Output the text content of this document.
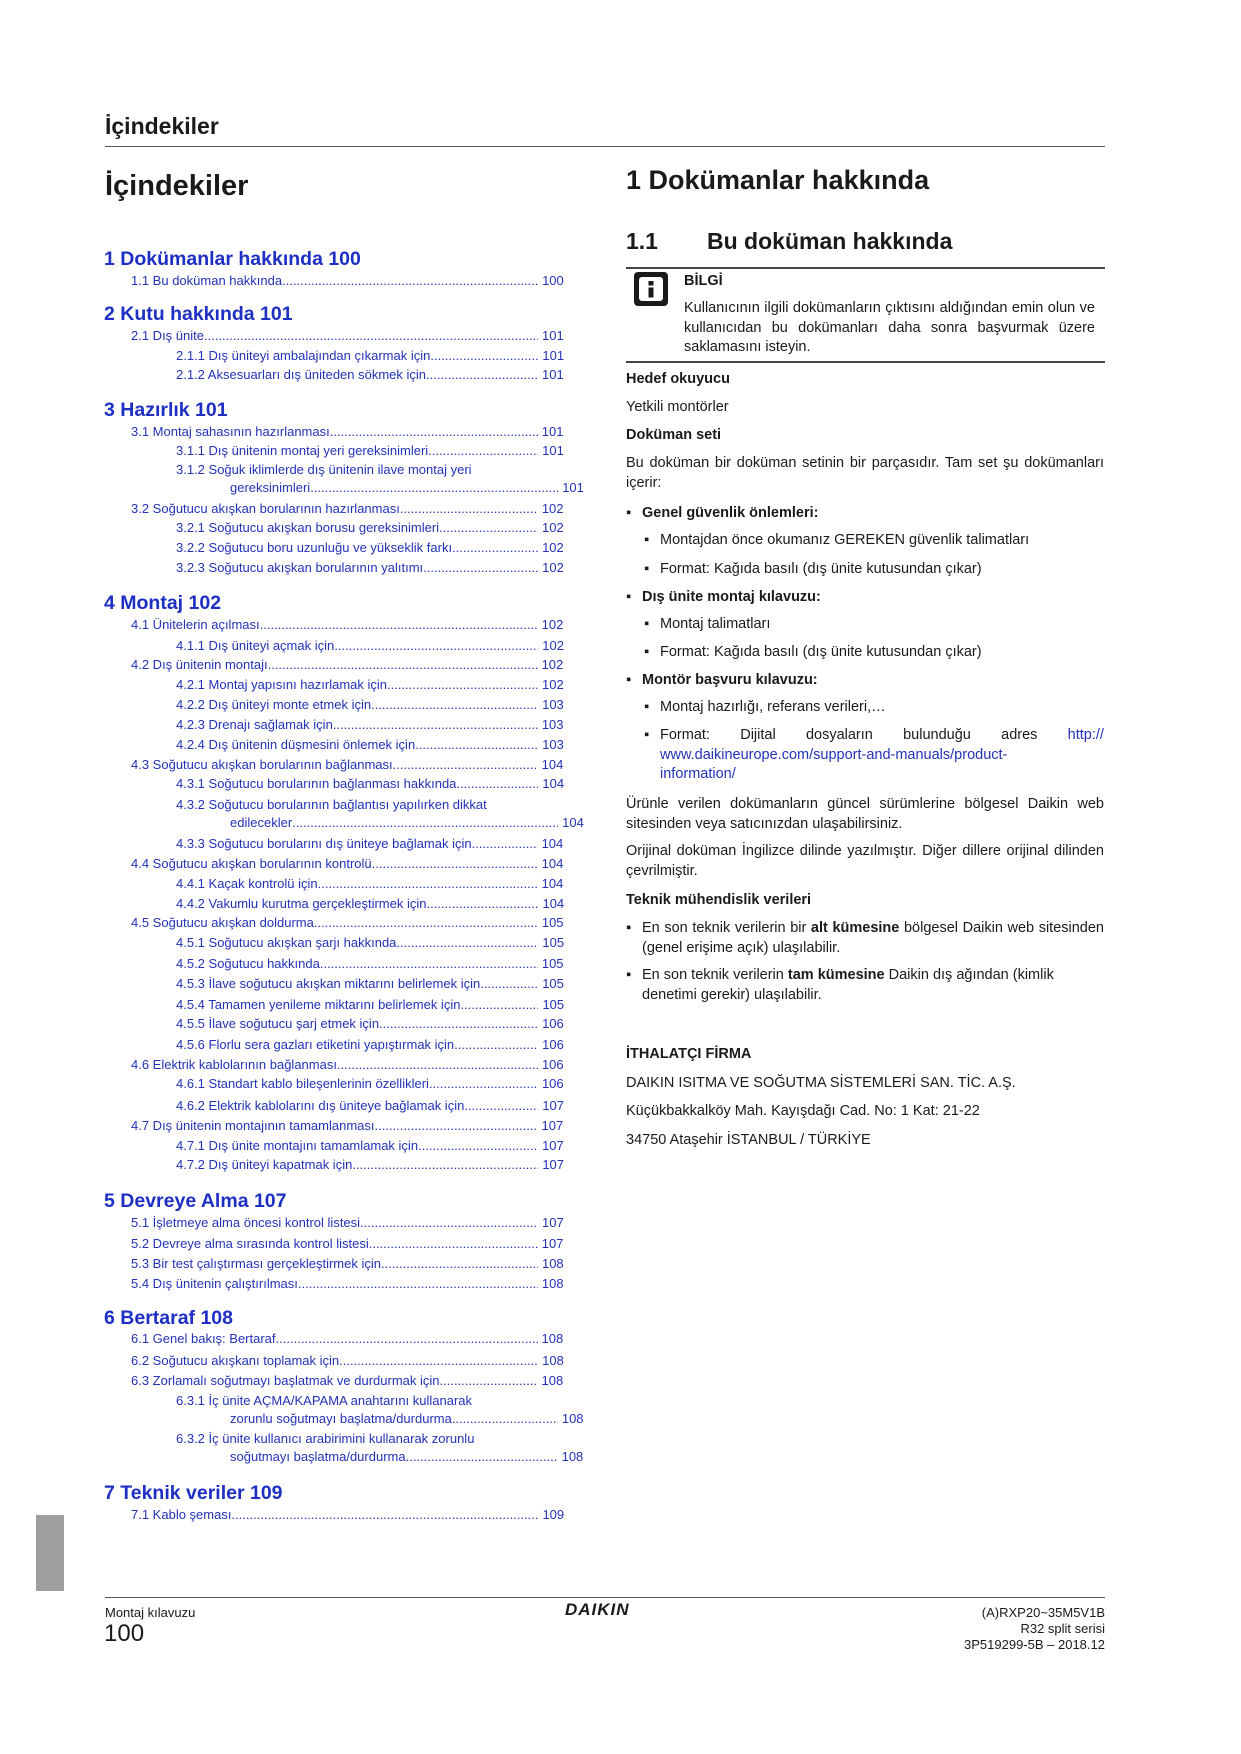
İçindekiler
İçindekiler
1 Dokümanlar hakkında 100
1.1 Bu doküman hakkında .....	100
2 Kutu hakkında 101
2.1 Dış ünite .....	101
2.1.1 Dış üniteyi ambalajından çıkarmak için .....	101
2.1.2 Aksesuarları dış üniteden sökmek için .....	101
3 Hazırlık 101
3.1 Montaj sahasının hazırlanması .....	101
3.1.1 Dış ünitenin montaj yeri gereksinimleri .....	101
3.1.2 Soğuk iklimlerde dış ünitenin ilave montaj yeri
gereksinimleri .....	101
3.2 Soğutucu akışkan borularının hazırlanması .....	102
3.2.1 Soğutucu akışkan borusu gereksinimleri .....	102
3.2.2 Soğutucu boru uzunluğu ve yükseklik farkı .....	102
3.2.3 Soğutucu akışkan borularının yalıtımı .....	102
4 Montaj 102
4.1 Ünitelerin açılması .....	102
4.1.1 Dış üniteyi açmak için .....	102
4.2 Dış ünitenin montajı .....	102
4.2.1 Montaj yapısını hazırlamak için .....	102
4.2.2 Dış üniteyi monte etmek için .....	103
4.2.3 Drenajı sağlamak için .....	103
4.2.4 Dış ünitenin düşmesini önlemek için .....	103
4.3 Soğutucu akışkan borularının bağlanması .....	104
4.3.1 Soğutucu borularının bağlanması hakkında .....	104
4.3.2 Soğutucu borularının bağlantısı yapılırken dikkat
edilecekler .....	104
4.3.3 Soğutucu borularını dış üniteye bağlamak için .....	104
4.4 Soğutucu akışkan borularının kontrolü .....	104
4.4.1 Kaçak kontrolü için .....	104
4.4.2 Vakumlu kurutma gerçekleştirmek için .....	104
4.5 Soğutucu akışkan doldurma .....	105
4.5.1 Soğutucu akışkan şarjı hakkında .....	105
4.5.2 Soğutucu hakkında .....	105
4.5.3 İlave soğutucu akışkan miktarını belirlemek için .....	105
4.5.4 Tamamen yenileme miktarını belirlemek için .....	105
4.5.5 İlave soğutucu şarj etmek için .....	106
4.5.6 Florlu sera gazları etiketini yapıştırmak için .....	106
4.6 Elektrik kablolarının bağlanması .....	106
4.6.1 Standart kablo bileşenlerinin özellikleri .....	106
4.6.2 Elektrik kablolarını dış üniteye bağlamak için .....	107
4.7 Dış ünitenin montajının tamamlanması .....	107
4.7.1 Dış ünite montajını tamamlamak için .....	107
4.7.2 Dış üniteyi kapatmak için .....	107
5 Devreye Alma 107
5.1 İşletmeye alma öncesi kontrol listesi .....	107
5.2 Devreye alma sırasında kontrol listesi .....	107
5.3 Bir test çalıştırması gerçekleştirmek için .....	108
5.4 Dış ünitenin çalıştırılması .....	108
6 Bertaraf 108
6.1 Genel bakış: Bertaraf .....	108
6.2 Soğutucu akışkanı toplamak için .....	108
6.3 Zorlamalı soğutmayı başlatmak ve durdurmak için .....	108
6.3.1 İç ünite AÇMA/KAPAMA anahtarını kullanarak
zorunlu soğutmayı başlatma/durdurma .....	108
6.3.2 İç ünite kullanıcı arabirimini kullanarak zorunlu
soğutmayı başlatma/durdurma .....	108
7 Teknik veriler 109
7.1 Kablo şeması .....	109
1 Dokümanlar hakkında
1.1 Bu doküman hakkında
BİLGİ
Kullanıcının ilgili dokümanların çıktısını aldığından emin olun ve kullanıcıdan bu dokümanları daha sonra başvurmak üzere saklamasını isteyin.
Hedef okuyucu
Yetkili montörler
Doküman seti
Bu doküman bir doküman setinin bir parçasıdır. Tam set şu dokümanları içerir:
▪ Genel güvenlik önlemleri:
▪ Montajdan önce okumanız GEREKEN güvenlik talimatları
▪ Format: Kağıda basılı (dış ünite kutusundan çıkar)
▪ Dış ünite montaj kılavuzu:
▪ Montaj talimatları
▪ Format: Kağıda basılı (dış ünite kutusundan çıkar)
▪ Montör başvuru kılavuzu:
▪ Montaj hazırlığı, referans verileri,…
▪ Format: Dijital dosyaların bulunduğu adres http://
www.daikineurope.com/support-and-manuals/product-
information/
Ürünle verilen dokümanların güncel sürümlerine bölgesel Daikin web sitesinden veya satıcınızdan ulaşabilirsiniz.
Orijinal doküman İngilizce dilinde yazılmıştır. Diğer dillere orijinal dilinden çevrilmiştir.
Teknik mühendislik verileri
▪ En son teknik verilerin bir alt kümesine bölgesel Daikin web sitesinden (genel erişime açık) ulaşılabilir.
▪ En son teknik verilerin tam kümesine Daikin dış ağından (kimlik denetimi gerekir) ulaşılabilir.
İTHALATÇI FİRMA
DAIKIN ISITMA VE SOĞUTMA SİSTEMLERİ SAN. TİC. A.Ş.
Küçükbakkalköy Mah. Kayışdağı Cad. No: 1 Kat: 21-22
34750 Ataşehir İSTANBUL / TÜRKİYE
Montaj kılavuzu
100
DAIKIN	(A)RXP20~35M5V1B
R32 split serisi
3P519299-5B – 2018.12
